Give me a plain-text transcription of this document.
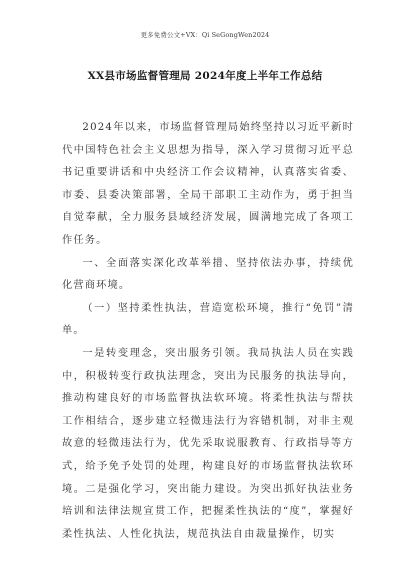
更多免费公文+VX：Qi SeGongWen2024
XX县市场监督管理局 2024年度上半年工作总结

2024年以来，市场监督管理局始终坚持以习近平新时代中国特色社会主义思想为指导，深入学习贯彻习近平总书记重要讲话和中央经济工作会议精神，认真落实省委、市委、县委决策部署，全局干部职工主动作为，勇于担当自觉奉献，全力服务县域经济发展，圆满地完成了各项工作任务。

一、全面落实深化改革举措、坚持依法办事，持续优化营商环境。

（一）坚持柔性执法，营造宽松环境，推行“免罚”清单。

一是转变理念，突出服务引领。我局执法人员在实践中，积极转变行政执法理念，突出为民服务的执法导向，推动构建良好的市场监督执法软环境。将柔性执法与帮扶工作相结合，逐步建立轻微违法行为容错机制，对非主观故意的轻微违法行为，优先采取说服教育、行政指导等方式，给予免予处罚的处理，构建良好的市场监督执法软环境。二是强化学习，突出能力建设。为突出抓好执法业务培训和法律法规宣贯工作，把握柔性执法的“度”，掌握好柔性执法、人性化执法，规范执法自由裁量操作，切实
